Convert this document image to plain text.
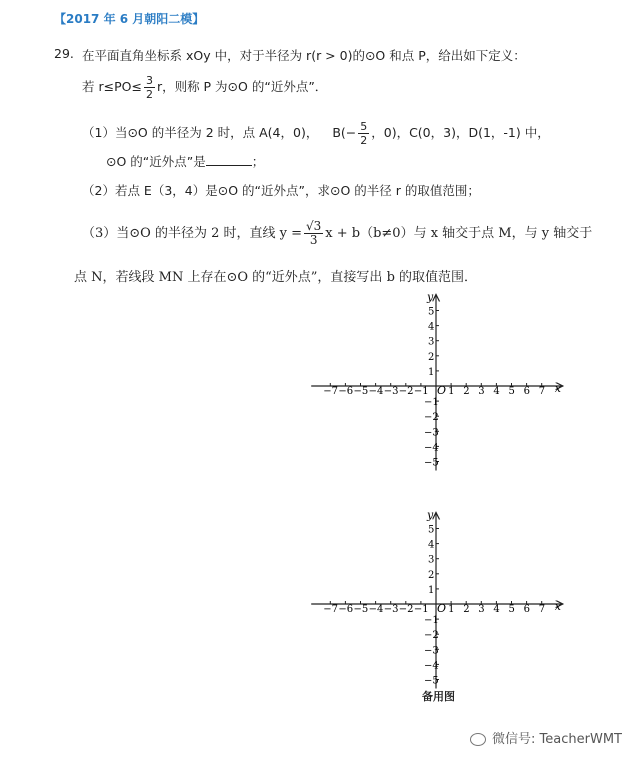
【2017 年 6 月朝阳二模】
29. 在平面直角坐标系 xOy 中，对于半径为 r(r > 0)的⊙O 和点 P，给出如下定义：
若 $r\le PO\le \frac{3}{2}$ r，则称 P 为⊙O 的“近外点”．
（1）当⊙O 的半径为 2 时，点 A(4，0)， $B(- \frac{5}{2}$ ，0)，C(0，3)，D(1，-1) 中，
⊙O 的“近外点”是	；
（2）若点 E（3，4）是⊙O 的“近外点”，求⊙O 的半径 r 的取值范围；
（3）当⊙O 的半径为 2 时，直线 $y = \frac{√3}{3}$ x + b（b≠0）与 x 轴交于点 M，与 y 轴交于
点 N，若线段 MN 上存在⊙O 的“近外点”，直接写出 b 的取值范围．
x
y
O
−7 −6 −5 −4 −3 −2 −1 1 2 3 4 5 6 7
5
4
3
2
1
−1
−2
−3
−4
−5
x
y
O
−7 −6 −5 −4 −3 −2 −1 1 2 3 4 5 6 7
5
4
3
2
1
−1
−2
−3
−4
−5
备用图
微信号: TeacherWMT
